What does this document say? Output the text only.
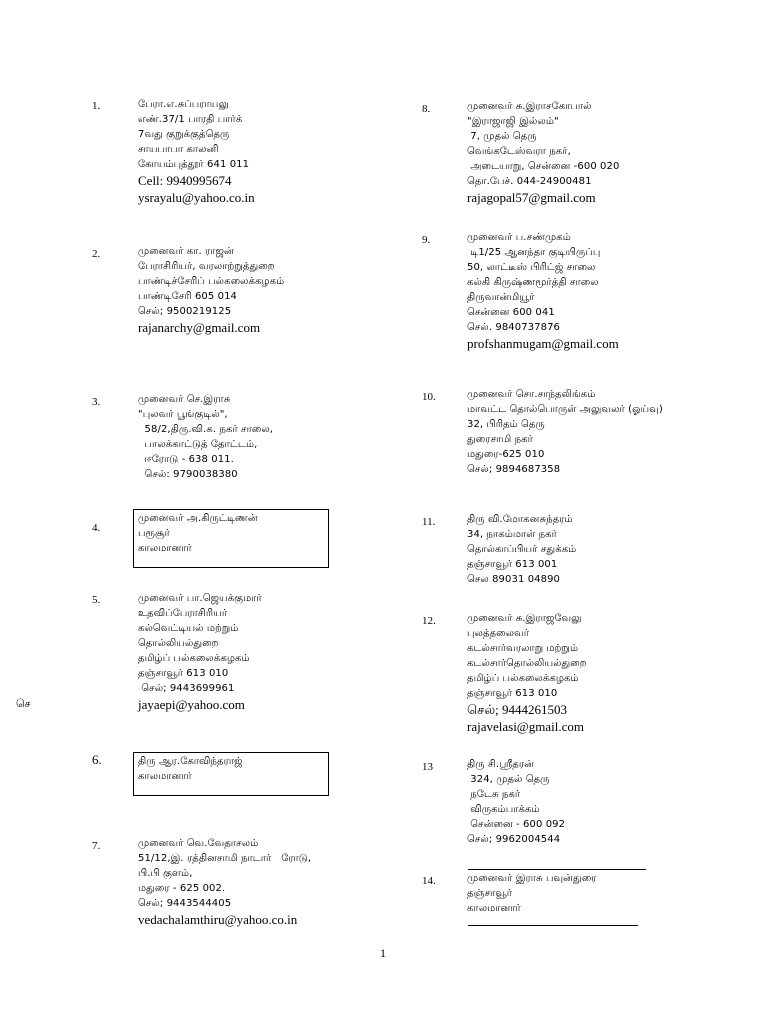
1.	பேரா.எ.சுப்பராயலு
எண்.37/1 பாரதி பார்க்
7வது குறுக்குத்தெரு
சாயபாபா காலனி
கோயம்புத்தூர் 641 011
Cell: 9940995674
ysrayalu@yahoo.co.in
2.	முனைவர் கா. ராஜன்
பேராசிரியர், வரலாற்றுத்துறை
பாண்டிச்சேரிப் பல்கலைக்கழகம்
பாண்டிசேரி 605 014
செல்; 9500219125
rajanarchy@gmail.com
3.	முனைவர் செ.இராசு
"புலவர் பூங்குடில்",
58/2,திரு.வி.க. நகர் சாலை,
பாலக்காட்டுத் தோட்டம்,
ஈரோடு - 638 011.
செல்: 9790038380
4.
முனைவர் அ.கிருட்டிணன்
பரூசூர்
காலமானார்
5.	முனைவர் பா.ஜெயக்குமார்
உதவிப்பேராசிரியர்
கல்வெட்டியல் மற்றும்
தொல்லியல்துறை
தமிழ்ப் பல்கலைக்கழகம்
தஞ்சாவூர் 613 010
செல்; 9443699961
jayaepi@yahoo.com
6.	திரு ஆர.கோவிந்தராஜ்
காலமானார்
7.	முனைவர் வெ.வேதாசலம்
51/12,இ. ரத்தினசாமி நாடார்   ரோடு,
பி.பி குளம்,
மதுரை - 625 002.
செல்; 9443544405
vedachalamthiru@yahoo.co.in
8.	முனைவர் சு.இராசகோபால்
"இராஜாஜி இல்லம்"
7, முதல் தெரு
வெங்கடேஸ்வரா நகர்,
அடையாறு, சென்னை -600 020
தொ.பேச். 044-24900481
rajagopal57@gmail.com
9.	முனைவர் ப.சண்முகம்
டி1/25 ஆனந்தா குடியிருப்பு
50, லாட்டீஸ் பிரிட்ஜ் சாலை
கல்கி கிருஷ்ணமூர்த்தி சாலை
திருவான்மியூர்
சென்னை 600 041
செல். 9840737876
profshanmugam@gmail.com
10.	முனைவர் சொ.சாந்தலிங்கம்
மாவட்ட தொல்பொருள் அலுவலர் (ஓய்வு)
32, பிரிதம் தெரு
துரைசாமி நகர்
மதுரை-625 010
செல்; 9894687358
11.	திரு வி.மோகனசுந்தரம்
34, நாகம்மாள் நகர்
தொல்காப்பியர் சதுக்கம்
தஞ்சாவூர் 613 001
செல 89031 04890
12.	முனைவர் சு.இராஜவேலு
புலத்தலைவர்
கடல்சார்வரலாறு மற்றும்
கடல்சார்தொல்லியல்துறை
தமிழ்ப் பல்கலைக்கழகம்
தஞ்சாவூர் 613 010
செல்; 9444261503
rajavelasi@gmail.com
13	திரு சி.ஸ்ரீதரன்
324, முதல் தெரு
நடேசு நகர்
விருகம்பாக்கம்
சென்னை - 600 092
செல்; 9962004544
14.	முனைவர் இராசு பவுன்துரை
தஞ்சாவூர்
காலமானார்
செ
1
